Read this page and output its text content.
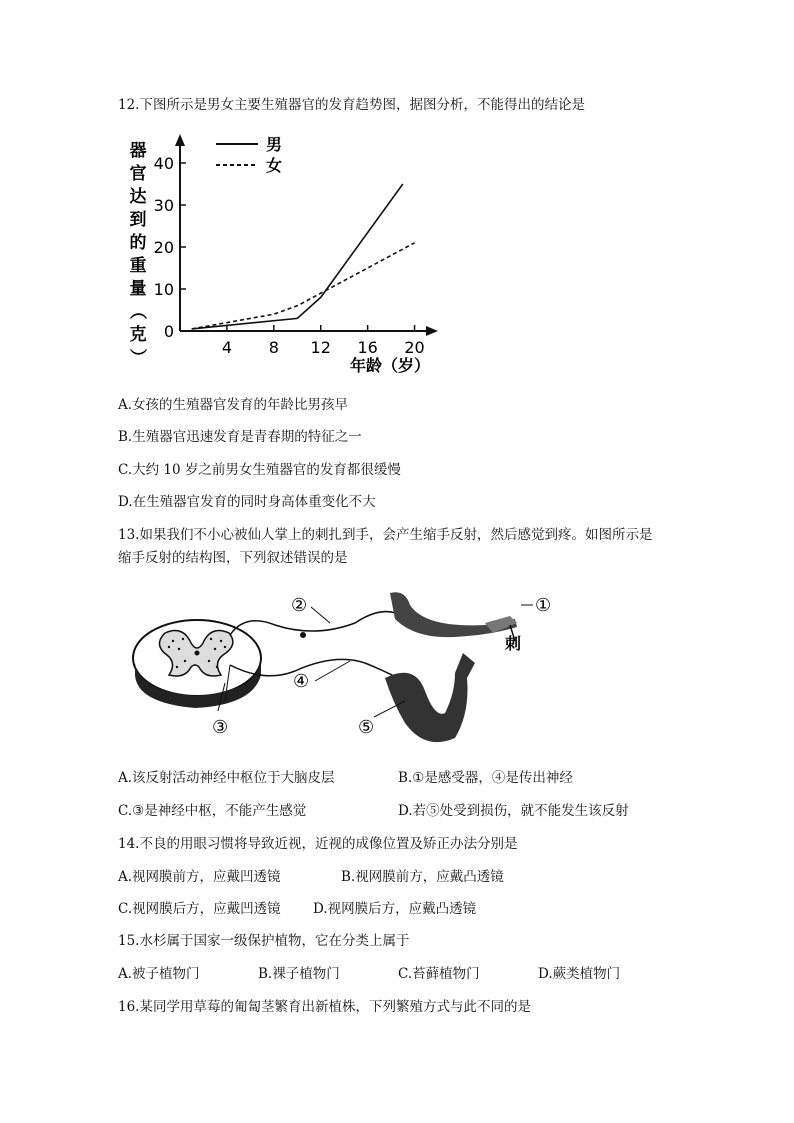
12.下图所示是男女主要生殖器官的发育趋势图，据图分析，不能得出的结论是
器
官
达
到
的
重
量
（
克
）
0
10
20
30
40
4 8 12 16 20
男
女
年龄（岁）
A.女孩的生殖器官发育的年龄比男孩早
B.生殖器官迅速发育是青春期的特征之一
C.大约 10 岁之前男女生殖器官的发育都很缓慢
D.在生殖器官发育的同时身高体重变化不大
13.如果我们不小心被仙人掌上的刺扎到手，会产生缩手反射，然后感觉到疼。如图所示是
缩手反射的结构图，下列叙述错误的是
刺
①
②
③
④
⑤
A.该反射活动神经中枢位于大脑皮层	B.①是感受器，④是传出神经
C.③是神经中枢，不能产生感觉	D.若⑤处受到损伤，就不能发生该反射
14.不良的用眼习惯将导致近视，近视的成像位置及矫正办法分别是
A.视网膜前方，应戴凹透镜	B.视网膜前方，应戴凸透镜
C.视网膜后方，应戴凹透镜 D.视网膜后方，应戴凸透镜
15.水杉属于国家一级保护植物，它在分类上属于
A.被子植物门	B.裸子植物门	C.苔藓植物门	D.蕨类植物门
16.某同学用草莓的匍匐茎繁育出新植株，下列繁殖方式与此不同的是
